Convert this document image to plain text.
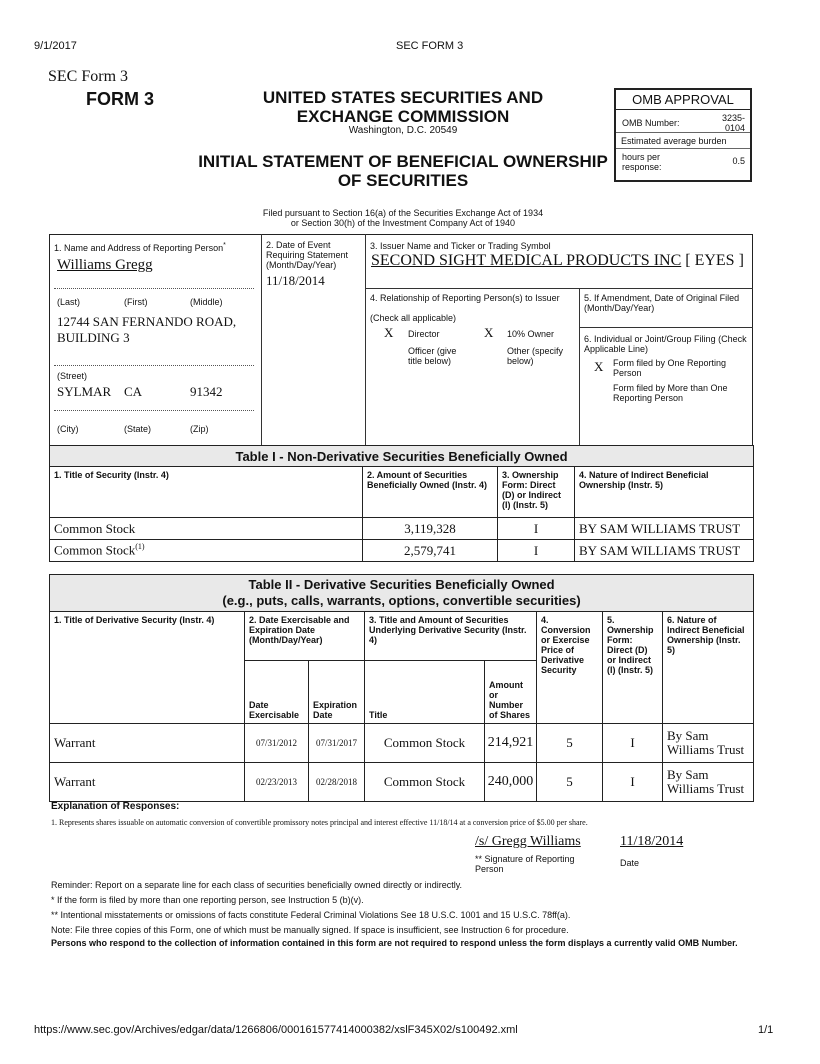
9/1/2017	SEC FORM 3
SEC Form 3
FORM 3	UNITED STATES SECURITIES AND EXCHANGE COMMISSION
Washington, D.C. 20549
INITIAL STATEMENT OF BENEFICIAL OWNERSHIP OF SECURITIES
OMB APPROVAL
OMB Number:	3235-0104
Estimated average burden
hours per response:
0.5
Filed pursuant to Section 16(a) of the Securities Exchange Act of 1934
or Section 30(h) of the Investment Company Act of 1940
1. Name and Address of Reporting Person*
Williams Gregg
(Last)	(First)	(Middle)
12744 SAN FERNANDO ROAD,
BUILDING 3
(Street)
SYLMAR CA	91342
(City)	(State)	(Zip)
2. Date of Event Requiring Statement (Month/Day/Year)
11/18/2014
3. Issuer Name and Ticker or Trading Symbol
SECOND SIGHT MEDICAL PRODUCTS INC [ EYES ]
4. Relationship of Reporting Person(s) to Issuer
(Check all applicable)
X Director	X 10% Owner
Officer (give title below)
Other (specify below)
5. If Amendment, Date of Original Filed (Month/Day/Year)
6. Individual or Joint/Group Filing (Check Applicable Line)
X Form filed by One Reporting Person
Form filed by More than One Reporting Person
Table I - Non-Derivative Securities Beneficially Owned			
1. Title of Security (Instr. 4)	2. Amount of Securities Beneficially Owned (Instr. 4)	3. Ownership Form: Direct (D) or Indirect (I) (Instr. 5)	4. Nature of Indirect Beneficial Ownership (Instr. 5)
Common Stock	3,119,328	I	BY SAM WILLIAMS TRUST
Common Stock$^{(1)}$	2,579,741	I	BY SAM WILLIAMS TRUST
Table II - Derivative Securities Beneficially Owned
(e.g., puts, calls, warrants, options, convertible securities)							

1. Title of Derivative Security (Instr. 4)	2. Date Exercisable and Expiration Date (Month/Day/Year)		3. Title and Amount of Securities Underlying Derivative Security (Instr. 4)		4. Conversion or Exercise Price of Derivative Security	5. Ownership Form: Direct (D) or Indirect (I) (Instr. 5)	6. Nature of Indirect Beneficial Ownership (Instr. 5)
	Date Exercisable	Expiration Date	Title	Amount or Number of Shares			
Warrant	07/31/2012	07/31/2017	Common Stock	214,921	5	I	By Sam Williams Trust
Warrant	02/23/2013	02/28/2018	Common Stock	240,000	5	I	By Sam Williams Trust
Explanation of Responses:
1. Represents shares issuable on automatic conversion of convertible promissory notes principal and interest effective 11/18/14 at a conversion price of $5.00 per share.
/s/ Gregg Williams
** Signature of Reporting Person
11/18/2014
Date
Reminder: Report on a separate line for each class of securities beneficially owned directly or indirectly.
* If the form is filed by more than one reporting person, see Instruction 5 (b)(v).
** Intentional misstatements or omissions of facts constitute Federal Criminal Violations See 18 U.S.C. 1001 and 15 U.S.C. 78ff(a).
Note: File three copies of this Form, one of which must be manually signed. If space is insufficient, see Instruction 6 for procedure.
Persons who respond to the collection of information contained in this form are not required to respond unless the form displays a currently valid OMB Number.
https://www.sec.gov/Archives/edgar/data/1266806/000161577414000382/xslF345X02/s100492.xml	1/1
